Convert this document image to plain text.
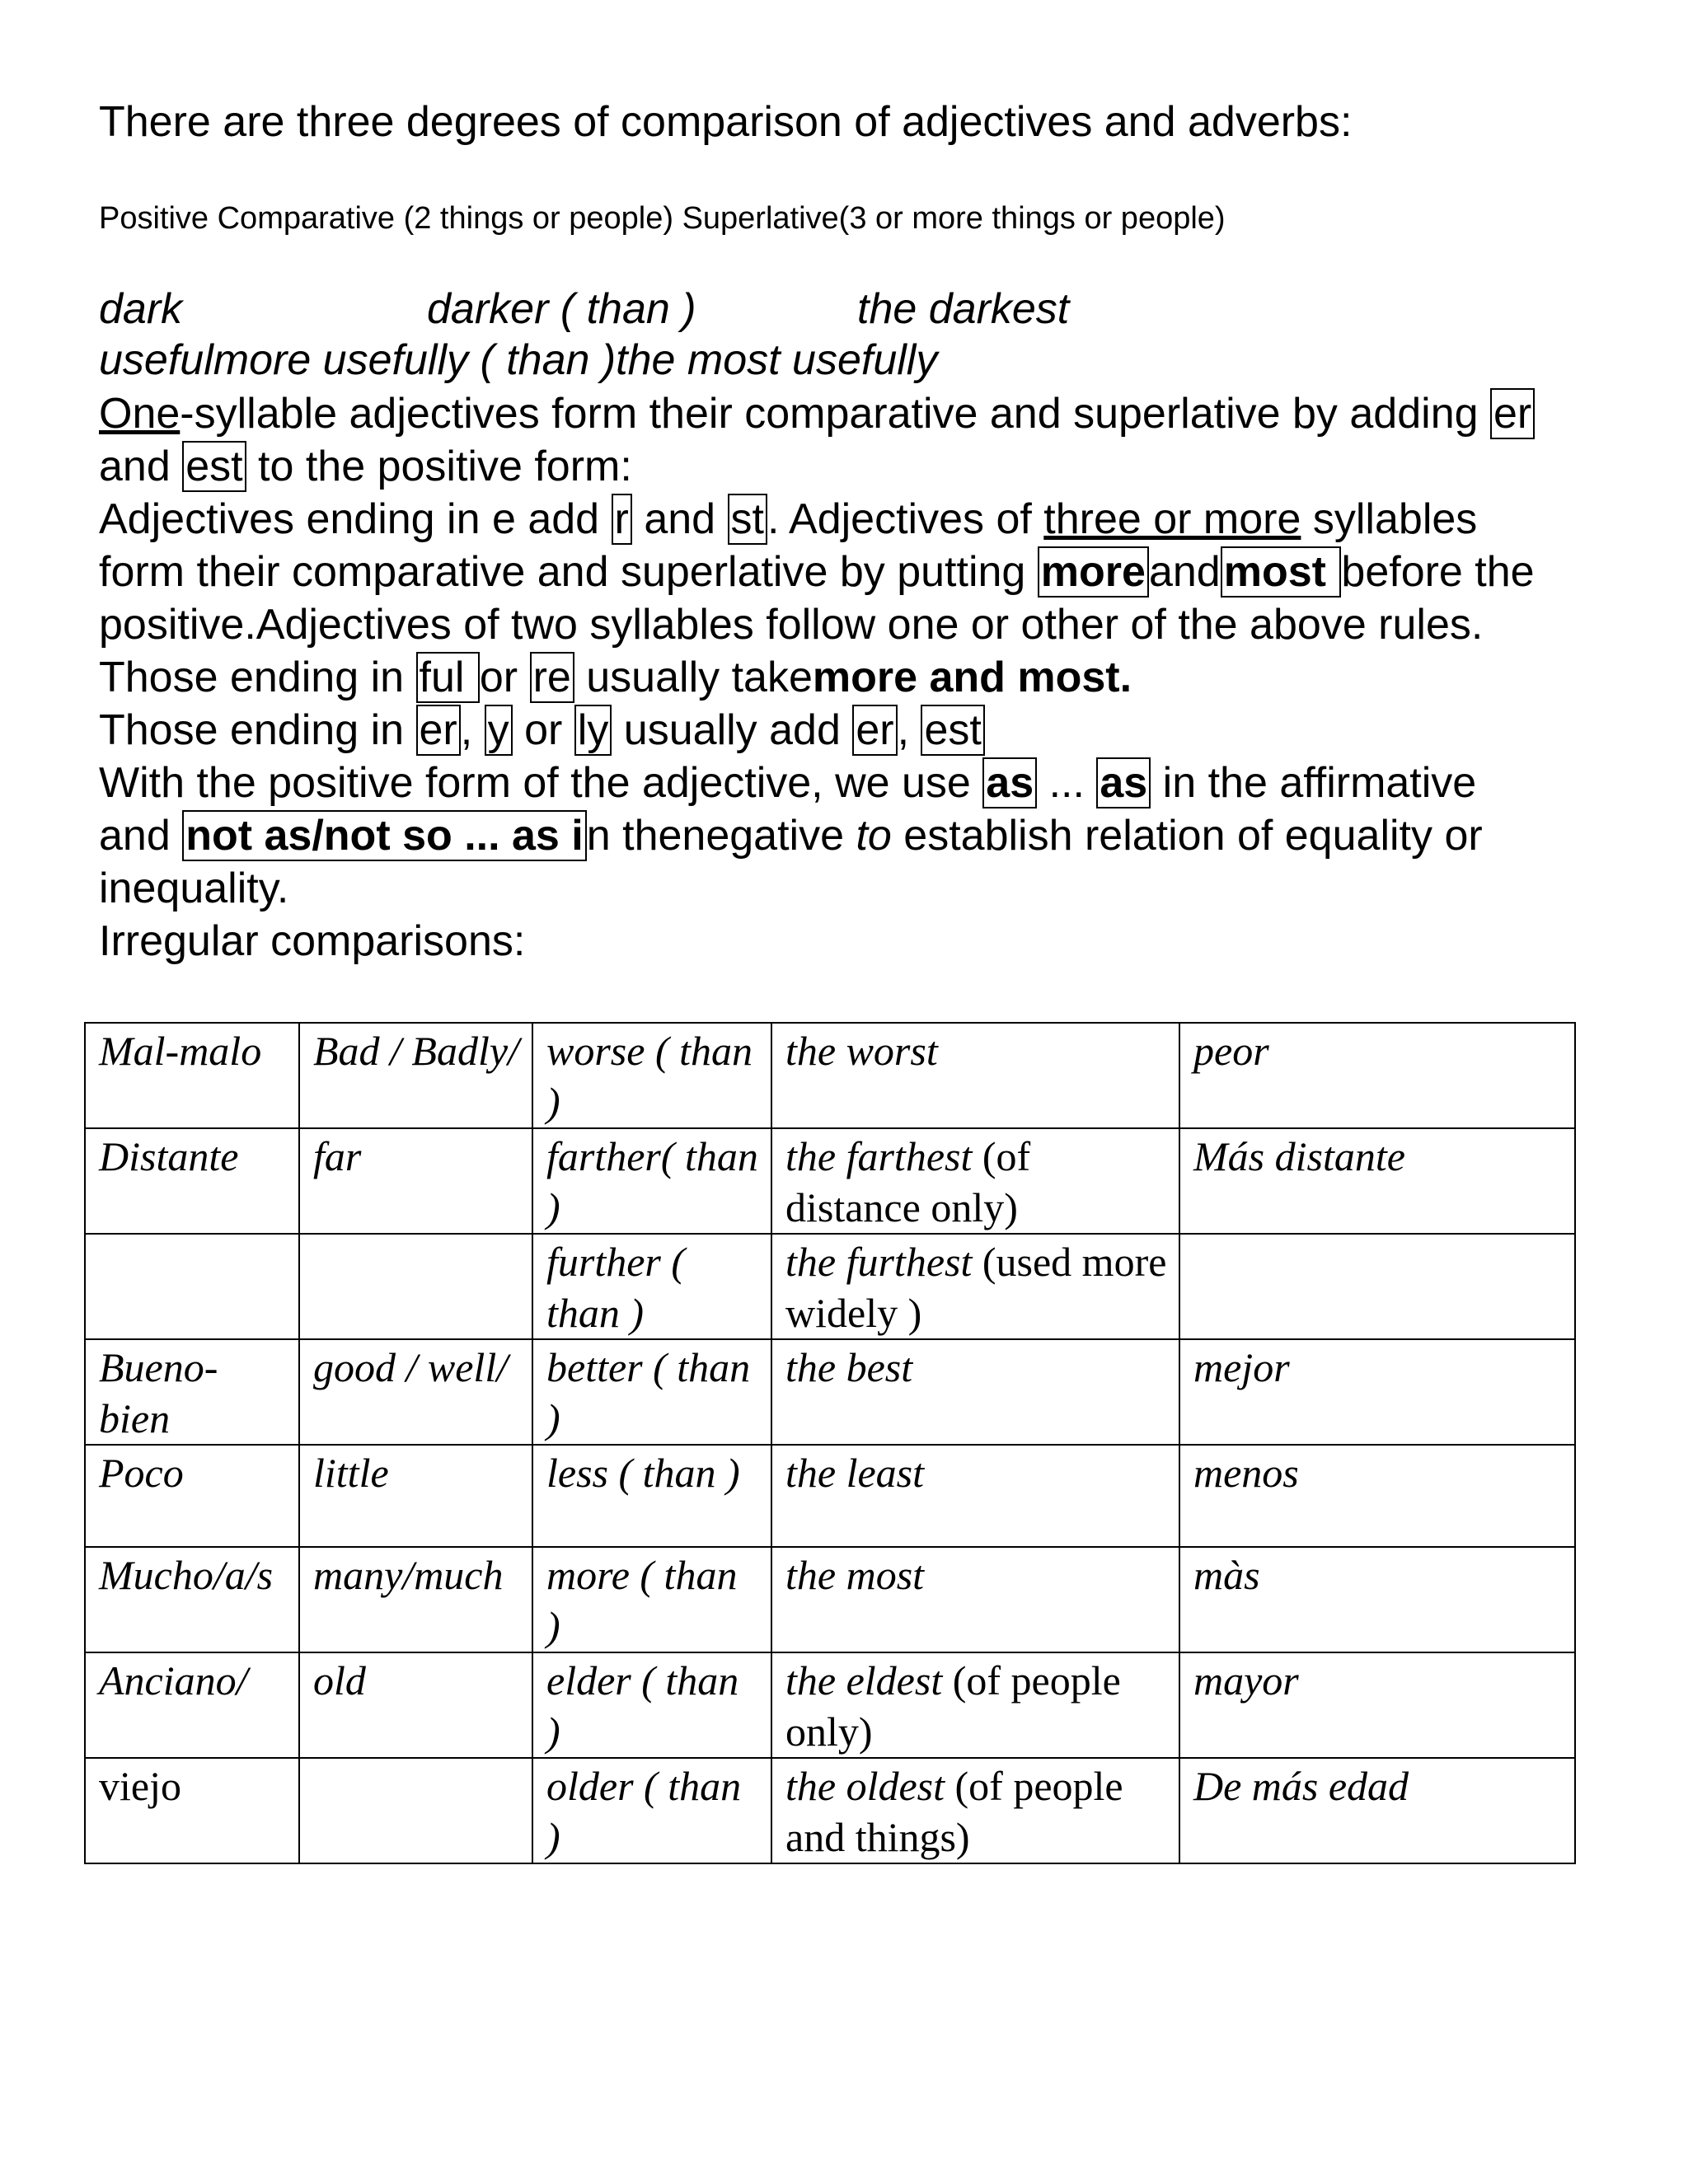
There are three degrees of comparison of adjectives and adverbs:
Positive Comparative (2 things or people) Superlative(3 or more things or people)
dark	darker ( than )	the darkest
usefulmore usefully ( than )the most usefully
One-syllable adjectives form their comparative and superlative by adding er
and est to the positive form:
Adjectives ending in e add r and st. Adjectives of three or more syllables
form their comparative and superlative by putting moreandmost before the
positive.Adjectives of two syllables follow one or other of the above rules.
Those ending in ful or re usually takemore and most.
Those ending in er, y or ly usually add er, est
With the positive form of the adjective, we use as ... as in the affirmative
and not as/not so ... as in thenegative to establish relation of equality or
inequality.
Irregular comparisons:
Mal-malo	Bad / Badly/	worse ( than )	the worst	peor
Distante	far	farther( than )	the farthest (of distance only)	Más distante
		further ( than )	the furthest (used more widely )	
Bueno-bien	good / well/	better ( than )	the best	mejor
Poco	little	less ( than )	the least	menos
Mucho/a/s	many/much	more ( than )	the most	màs
Anciano/	old	elder ( than )	the eldest (of people only)	mayor
viejo		older ( than )	the oldest (of people and things)	De más edad
